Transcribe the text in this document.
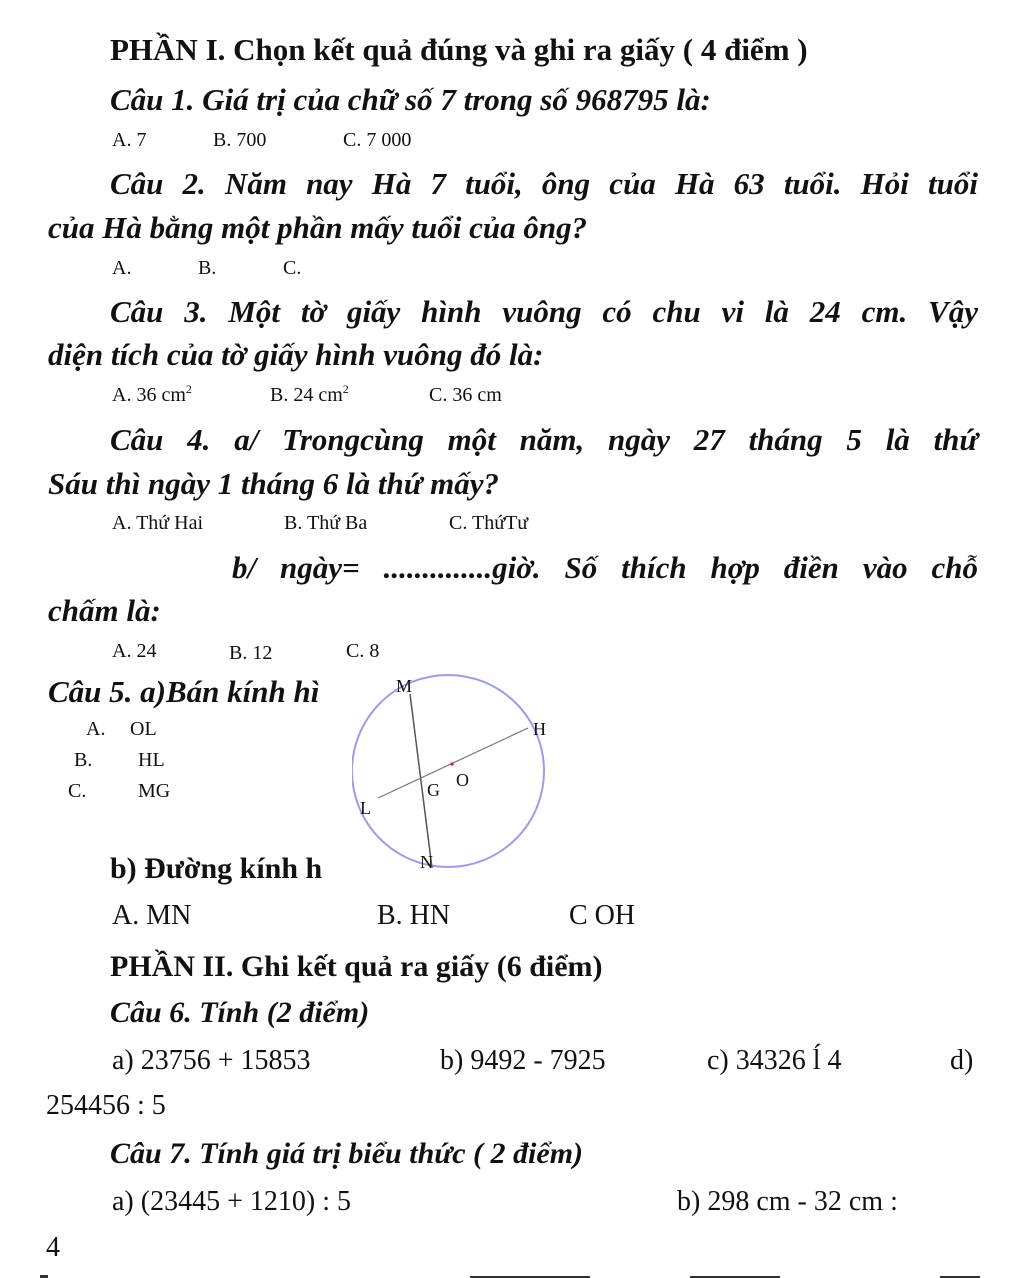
PHẦN I. Chọn kết quả đúng và ghi ra giấy ( 4 điểm )
Câu 1. Giá trị của chữ số 7 trong số 968795 là:
A. 7	B. 700	C. 7 000
Câu 2. Năm nay Hà 7 tuổi, ông của Hà 63 tuổi. Hỏi tuổi
của Hà bằng một phần mấy tuổi của ông?
A.	B.	C.
Câu 3. Một tờ giấy hình vuông có chu vi là 24 cm. Vậy
diện tích của tờ giấy hình vuông đó là:
A. 36 $cm^2$	B. 24 $cm^2$	C. 36 cm
Câu 4. a/ Trongcùng một năm, ngày 27 tháng 5 là thứ
Sáu thì ngày 1 tháng 6 là thứ mấy?
A. Thứ Hai	B. Thứ Ba	C. ThứTư
b/ ngày= ..............giờ. Số thích hợp điền vào chỗ
chấm là:
A. 24	B. 12	C. 8
Câu 5. a)Bán kính hì
A. OL
B. HL
C.	MG
M
H
O
G
L
N
b) Đường kính h
A. MN	B. HN	C OH
PHẦN II. Ghi kết quả ra giấy (6 điểm)
Câu 6. Tính (2 điểm)
a) 23756 + 15853	b) 9492 - 7925	c) 34326 ĺ 4	d)
254456 : 5
Câu 7. Tính giá trị biểu thức ( 2 điểm)
a) (23445 + 1210) : 5	b) 298 cm - 32 cm :
4
